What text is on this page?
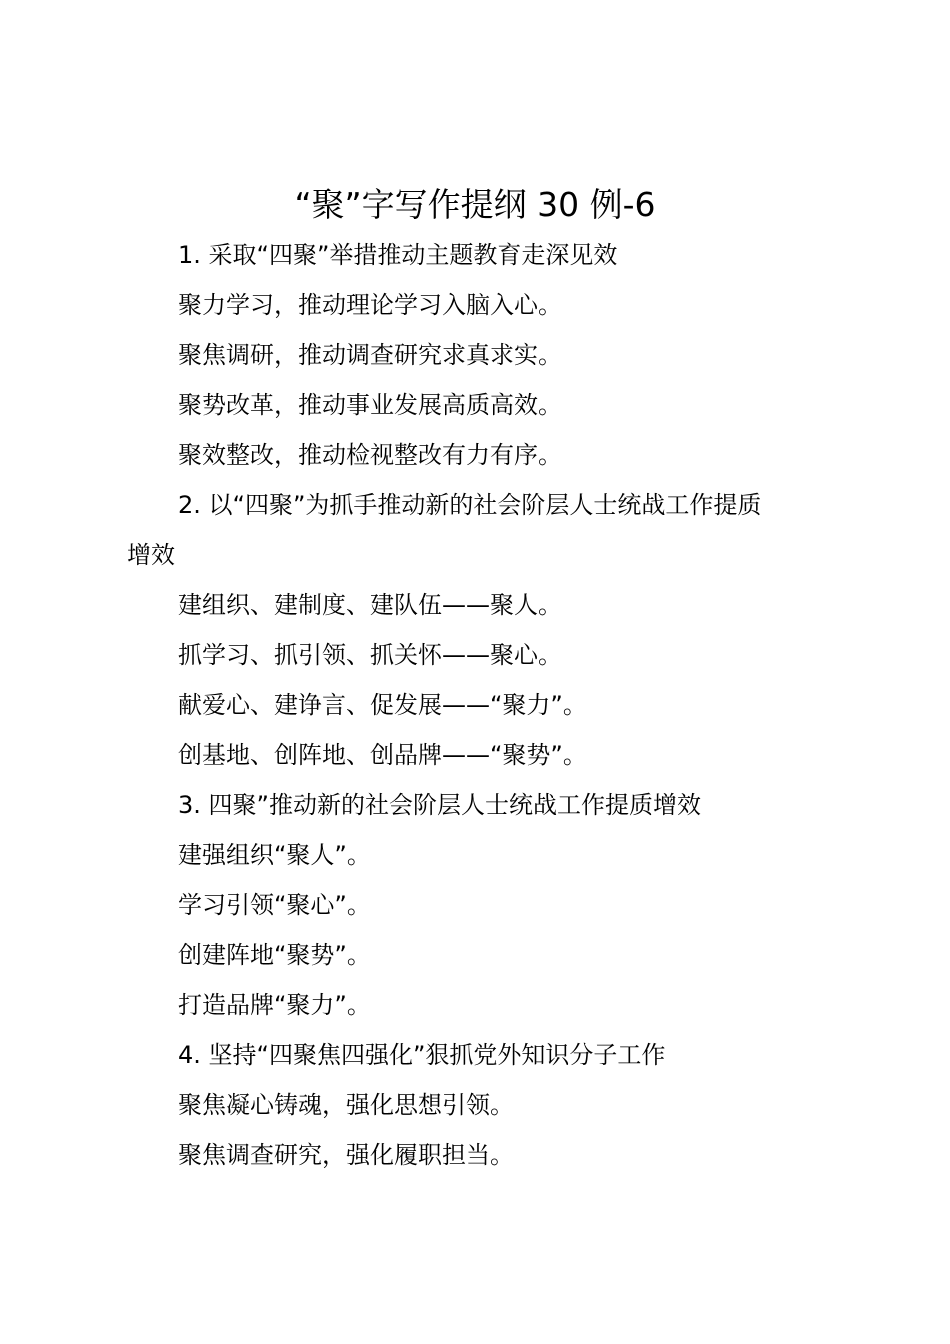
“聚”字写作提纲 30 例-6
1. 采取“四聚”举措推动主题教育走深见效
聚力学习，推动理论学习入脑入心。
聚焦调研，推动调查研究求真求实。
聚势改革，推动事业发展高质高效。
聚效整改，推动检视整改有力有序。
2. 以“四聚”为抓手推动新的社会阶层人士统战工作提质
增效
建组织、建制度、建队伍——聚人。
抓学习、抓引领、抓关怀——聚心。
献爱心、建诤言、促发展——“聚力”。
创基地、创阵地、创品牌——“聚势”。
3. 四聚”推动新的社会阶层人士统战工作提质增效
建强组织“聚人”。
学习引领“聚心”。
创建阵地“聚势”。
打造品牌“聚力”。
4. 坚持“四聚焦四强化”狠抓党外知识分子工作
聚焦凝心铸魂，强化思想引领。
聚焦调查研究，强化履职担当。
